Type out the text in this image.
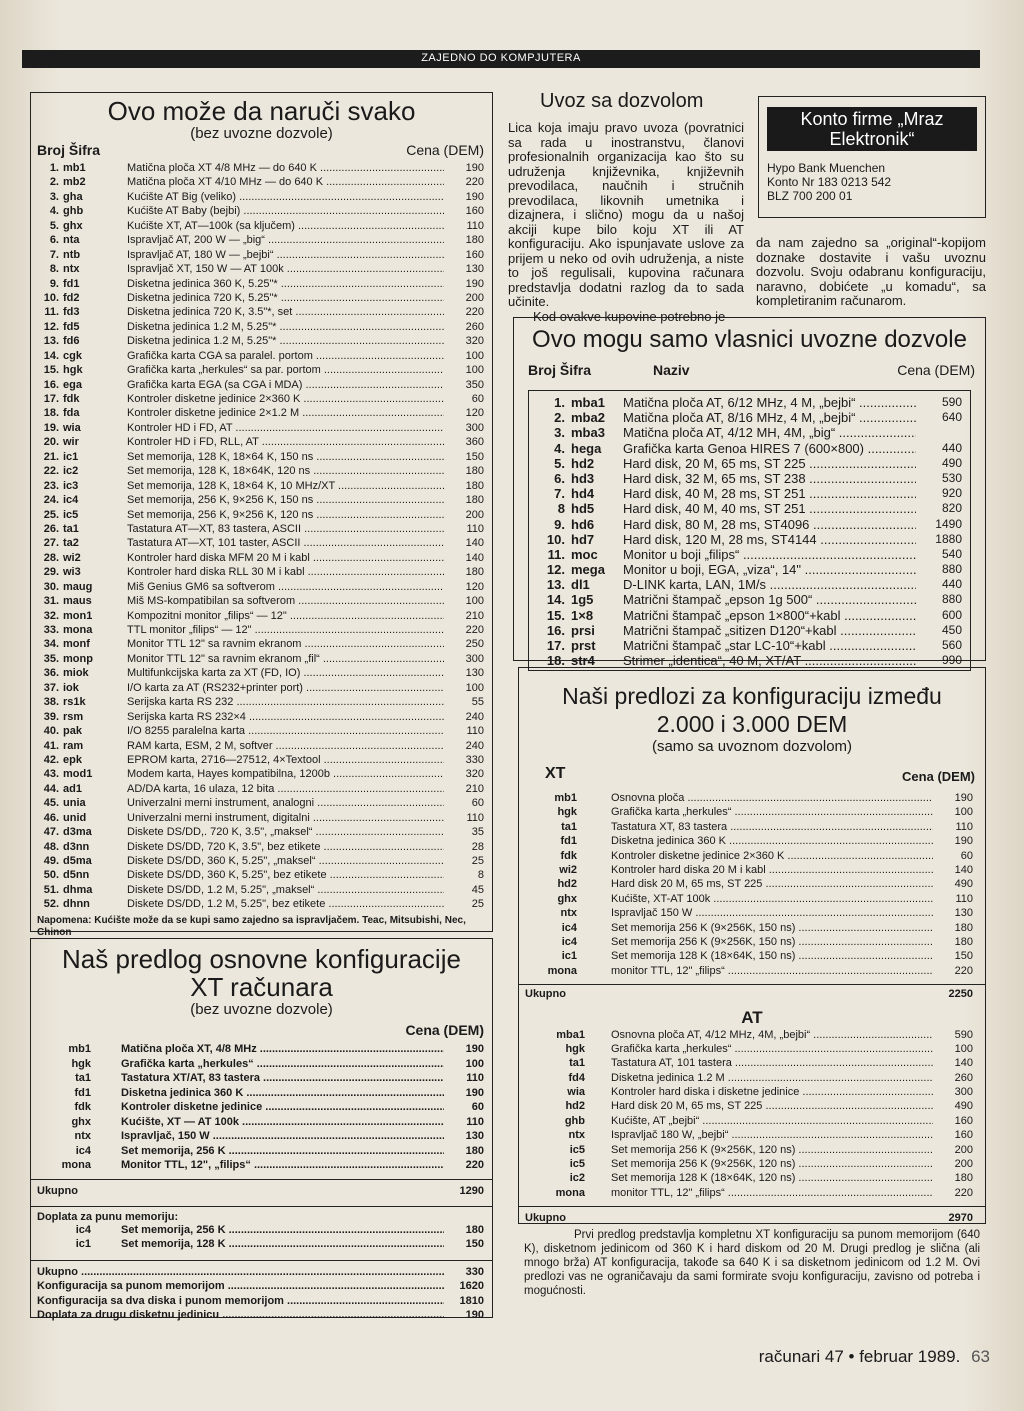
ZAJEDNO DO KOMPJUTERA
Ovo može da naruči svako
(bez uvozne dozvole)
Broj Šifra	Cena (DEM)
1. mb1	Matična ploča XT 4/8 MHz — do 640 K .....	190
2. mb2	Matična ploča XT 4/10 MHz — do 640 K .....	220
3. gha	Kućište AT Big (veliko) .....	190
4. ghb	Kućište AT Baby (bejbi) .....	160
5. ghx	Kućište XT, AT—100k (sa ključem) .....	110
6. nta	Ispravljač AT, 200 W — „big“ .....	180
7. ntb	Ispravljač AT, 180 W — „bejbi“ .....	160
8. ntx	Ispravljač XT, 150 W — AT 100k .....	130
9. fd1	Disketna jedinica 360 K, 5.25"* .....	190
10. fd2	Disketna jedinica 720 K, 5.25"* .....	200
11. fd3	Disketna jedinica 720 K, 3.5"*, set .....	220
12. fd5	Disketna jedinica 1.2 M, 5.25"* .....	260
13. fd6	Disketna jedinica 1.2 M, 5.25"* .....	320
14. cgk	Grafička karta CGA sa paralel. portom .....	100
15. hgk	Grafička karta „herkules“ sa par. portom .....	100
16. ega	Grafička karta EGA (sa CGA i MDA) .....	350
17. fdk	Kontroler disketne jedinice 2×360 K .....	60
18. fda	Kontroler disketne jedinice 2×1.2 M .....	120
19. wia	Kontroler HD i FD, AT .....	300
20. wir	Kontroler HD i FD, RLL, AT .....	360
21. ic1	Set memorija, 128 K, 18×64 K, 150 ns .....	150
22. ic2	Set memorija, 128 K, 18×64K, 120 ns .....	180
23. ic3	Set memorija, 128 K, 18×64 K, 10 MHz/XT .....	180
24. ic4	Set memorija, 256 K, 9×256 K, 150 ns .....	180
25. ic5	Set memorija, 256 K, 9×256 K, 120 ns .....	200
26. ta1	Tastatura AT—XT, 83 tastera, ASCII .....	110
27. ta2	Tastatura AT—XT, 101 taster, ASCII .....	140
28. wi2	Kontroler hard diska MFM 20 M i kabl .....	140
29. wi3	Kontroler hard diska RLL 30 M i kabl .....	180
30. maug	Miš Genius GM6 sa softverom .....	120
31. maus	Miš MS-kompatibilan sa softverom .....	100
32. mon1	Kompozitni monitor „filips“ — 12" .....	210
33. mona	TTL monitor „filips“ — 12" .....	220
34. monf	Monitor TTL 12" sa ravnim ekranom .....	250
35. monp	Monitor TTL 12" sa ravnim ekranom „fil“ .....	300
36. miok	Multifunkcijska karta za XT (FD, IO) .....	130
37. iok	I/O karta za AT (RS232+printer port) .....	100
38. rs1k	Serijska karta RS 232 .....	55
39. rsm	Serijska karta RS 232×4 .....	240
40. pak	I/O 8255 paralelna karta .....	110
41. ram	RAM karta, ESM, 2 M, softver .....	240
42. epk	EPROM karta, 2716—27512, 4×Textool .....	330
43. mod1	Modem karta, Hayes kompatibilna, 1200b .....	320
44. ad1	AD/DA karta, 16 ulaza, 12 bita .....	210
45. unia	Univerzalni merni instrument, analogni .....	60
46. unid	Univerzalni merni instrument, digitalni .....	110
47. d3ma	Diskete DS/DD,. 720 K, 3.5", „maksel“ .....	35
48. d3nn	Diskete DS/DD, 720 K, 3.5", bez etikete .....	28
49. d5ma	Diskete DS/DD, 360 K, 5.25", „maksel“ .....	25
50. d5nn	Diskete DS/DD, 360 K, 5.25", bez etikete .....	8
51. dhma	Diskete DS/DD, 1.2 M, 5.25", „maksel“ .....	45
52. dhnn	Diskete DS/DD, 1.2 M, 5.25", bez etikete .....	25
Napomena: Kućište može da se kupi samo zajedno sa ispravljačem. Teac, Mitsubishi, Nec, Chinon
Naš predlog osnovne konfiguracije
XT računara
(bez uvozne dozvole)
Cena (DEM)
mb1	Matična ploča XT, 4/8 MHz .....	190
hgk	Grafička karta „herkules“ .....	100
ta1	Tastatura XT/AT, 83 tastera .....	110
fd1	Disketna jedinica 360 K .....	190
fdk	Kontroler disketne jedinice .....	60
ghx	Kućište, XT — AT 100k .....	110
ntx	Ispravljač, 150 W .....	130
ic4	Set memorija, 256 K .....	180
mona	Monitor TTL, 12", „filips“ .....	220
Ukupno	1290
Doplata za punu memoriju:
ic4	Set memorija, 256 K .....	180
ic1	Set memorija, 128 K .....	150
Ukupno .....	330
Konfiguracija sa punom memorijom .....	1620
Konfiguracija sa dva diska i punom memorijom .....	1810
Doplata za drugu disketnu jedinicu .....	190
Uvoz sa dozvolom
Lica koja imaju pravo uvoza (povratnici sa rada u inostranstvu, članovi profesionalnih organizacija kao što su udruženja književnika, književnih prevodilaca, naučnih i stručnih prevodilaca, likovnih umetnika i dizajnera, i slično) mogu da u našoj akciji kupe bilo koju XT ili AT konfiguraciju. Ako ispunjavate uslove za prijem u neko od ovih udruženja, a niste to još regulisali, kupovina računara predstavlja dodatni razlog da to sada učinite.
Kod ovakve kupovine potrebno je
Konto firme „Mraz Elektronik“
Hypo Bank Muenchen
Konto Nr 183 0213 542
BLZ 700 200 01
da nam zajedno sa „original“-kopijom doznake dostavite i vašu uvoznu dozvolu. Svoju odabranu konfiguraciju, naravno, dobićete „u komadu“, sa kompletiranim računarom.
Ovo mogu samo vlasnici uvozne dozvole
Broj Šifra	Naziv	Cena (DEM)
1. mba1 Matična ploča AT, 6/12 MHz, 4 M, „bejbi“ .....	590
2. mba2 Matična ploča AT, 8/16 MHz, 4 M, „bejbi“ .....	640
3. mba3 Matična ploča AT, 4/12 MH, 4M, „big“ .....
4. hega Grafička karta Genoa HIRES 7 (600×800) .....	440
5. hd2 Hard disk, 20 M, 65 ms, ST 225 .....	490
6. hd3 Hard disk, 32 M, 65 ms, ST 238 .....	530
7. hd4 Hard disk, 40 M, 28 ms, ST 251 .....	920
8 hd5 Hard disk, 40 M, 40 ms, ST 251 .....	820
9. hd6 Hard disk, 80 M, 28 ms, ST4096 .....	1490
10. hd7 Hard disk, 120 M, 28 ms, ST4144 .....	1880
11. moc Monitor u boji „filips“ .....	540
12. mega Monitor u boji, EGA, „viza“, 14" .....	880
13. dl1	D-LINK karta, LAN, 1M/s .....	440
14. 1g5 Matrični štampač „epson 1g 500“ .....	880
15. 1×8 Matrični štampač „epson 1×800“+kabl .....	600
16. prsi Matrični štampač „sitizen D120“+kabl .....	450
17. prst Matrični štampač „star LC-10“+kabl .....	560
18. str4 Strimer „identica“, 40 M, XT/AT .....	990
Naši predlozi za konfiguraciju između
2.000 i 3.000 DEM
(samo sa uvoznom dozvolom)
XT	Cena (DEM)
mb1	Osnovna ploča .....	190
hgk	Grafička karta „herkules“ .....	100
ta1	Tastatura XT, 83 tastera .....	110
fd1	Disketna jedinica 360 K .....	190
fdk	Kontroler disketne jedinice 2×360 K .....	60
wi2	Kontroler hard diska 20 M i kabl .....	140
hd2	Hard disk 20 M, 65 ms, ST 225 .....	490
ghx	Kućište, XT-AT 100k .....	110
ntx	Ispravljač 150 W .....	130
ic4	Set memorija 256 K (9×256K, 150 ns) .....	180
ic4	Set memorija 256 K (9×256K, 150 ns) .....	180
ic1	Set memorija 128 K (18×64K, 150 ns) .....	150
mona	monitor TTL, 12" „filips“ .....	220
Ukupno	2250
AT
mba1 Osnovna ploča AT, 4/12 MHz, 4M, „bejbi“ .....	590
hgk Grafička karta „herkules“ .....	100
ta1 Tastatura AT, 101 tastera .....	140
fd4 Disketna jedinica 1.2 M .....	260
wia Kontroler hard diska i disketne jedinice .....	300
hd2 Hard disk 20 M, 65 ms, ST 225 .....	490
ghb Kućište, AT „bejbi“ .....	160
ntx Ispravljač 180 W, „bejbi“ .....	160
ic5 Set memorija 256 K (9×256K, 120 ns) .....	200
ic5 Set memorija 256 K (9×256K, 120 ns) .....	200
ic2 Set memorija 128 K (18×64K, 120 ns) .....	180
mona monitor TTL, 12" „filips“ .....	220
Ukupno	2970
Prvi predlog predstavlja kompletnu XT konfiguraciju sa punom memorijom (640 K), disketnom jedinicom od 360 K i hard diskom od 20 M. Drugi predlog je slična (ali mnogo brža) AT konfiguracija, takođe sa 640 K i sa disketnom jedinicom od 1.2 M. Ovi predlozi vas ne ograničavaju da sami formirate svoju konfiguraciju, zavisno od potreba i mogućnosti.
računari 47 • februar 1989. 63
